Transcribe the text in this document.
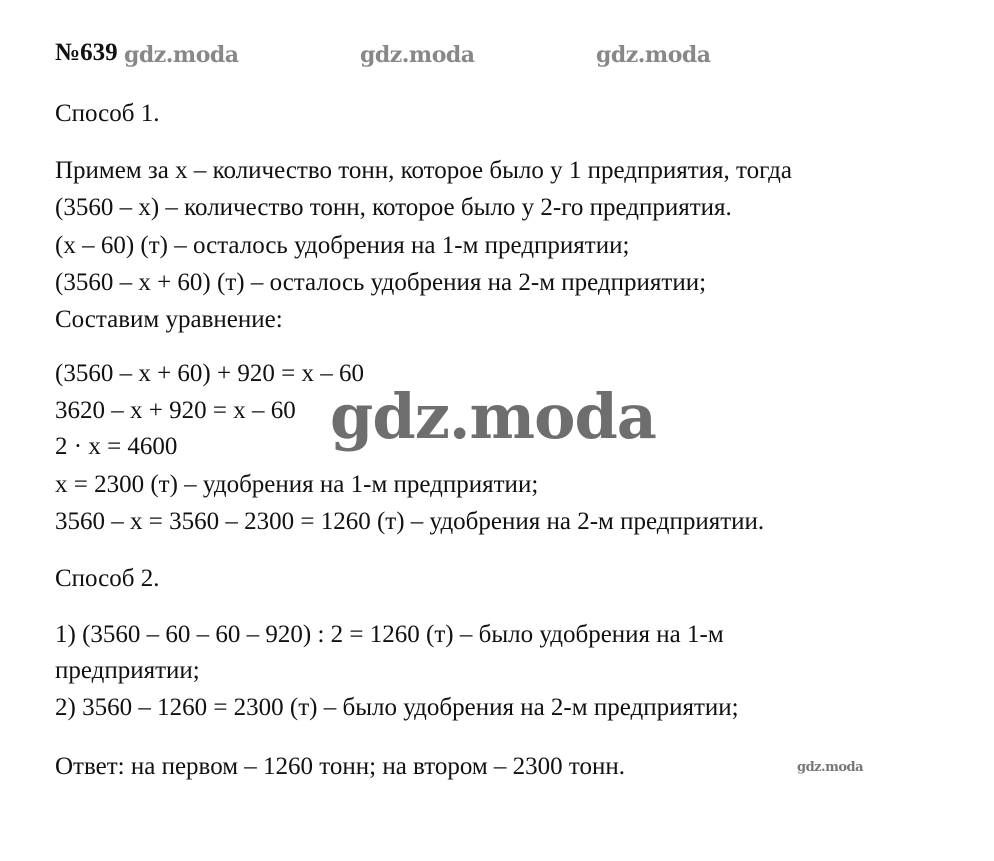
№639 gdz.moda	gdz.moda	gdz.moda
gdz.moda
gdz.moda
Способ 1.
Примем за х – количество тонн, которое было у 1 предприятия, тогда
(3560 – х) – количество тонн, которое было у 2-го предприятия.
(х – 60) (т) – осталось удобрения на 1-м предприятии;
(3560 – х + 60) (т) – осталось удобрения на 2-м предприятии;
Составим уравнение:
(3560 – х + 60) + 920 = х – 60
3620 – х + 920 = х – 60
2 · х = 4600
х = 2300 (т) – удобрения на 1-м предприятии;
3560 – х = 3560 – 2300 = 1260 (т) – удобрения на 2-м предприятии.
Способ 2.
1) (3560 – 60 – 60 – 920) : 2 = 1260 (т) – было удобрения на 1-м
предприятии;
2) 3560 – 1260 = 2300 (т) – было удобрения на 2-м предприятии;
Ответ: на первом – 1260 тонн; на втором – 2300 тонн.
